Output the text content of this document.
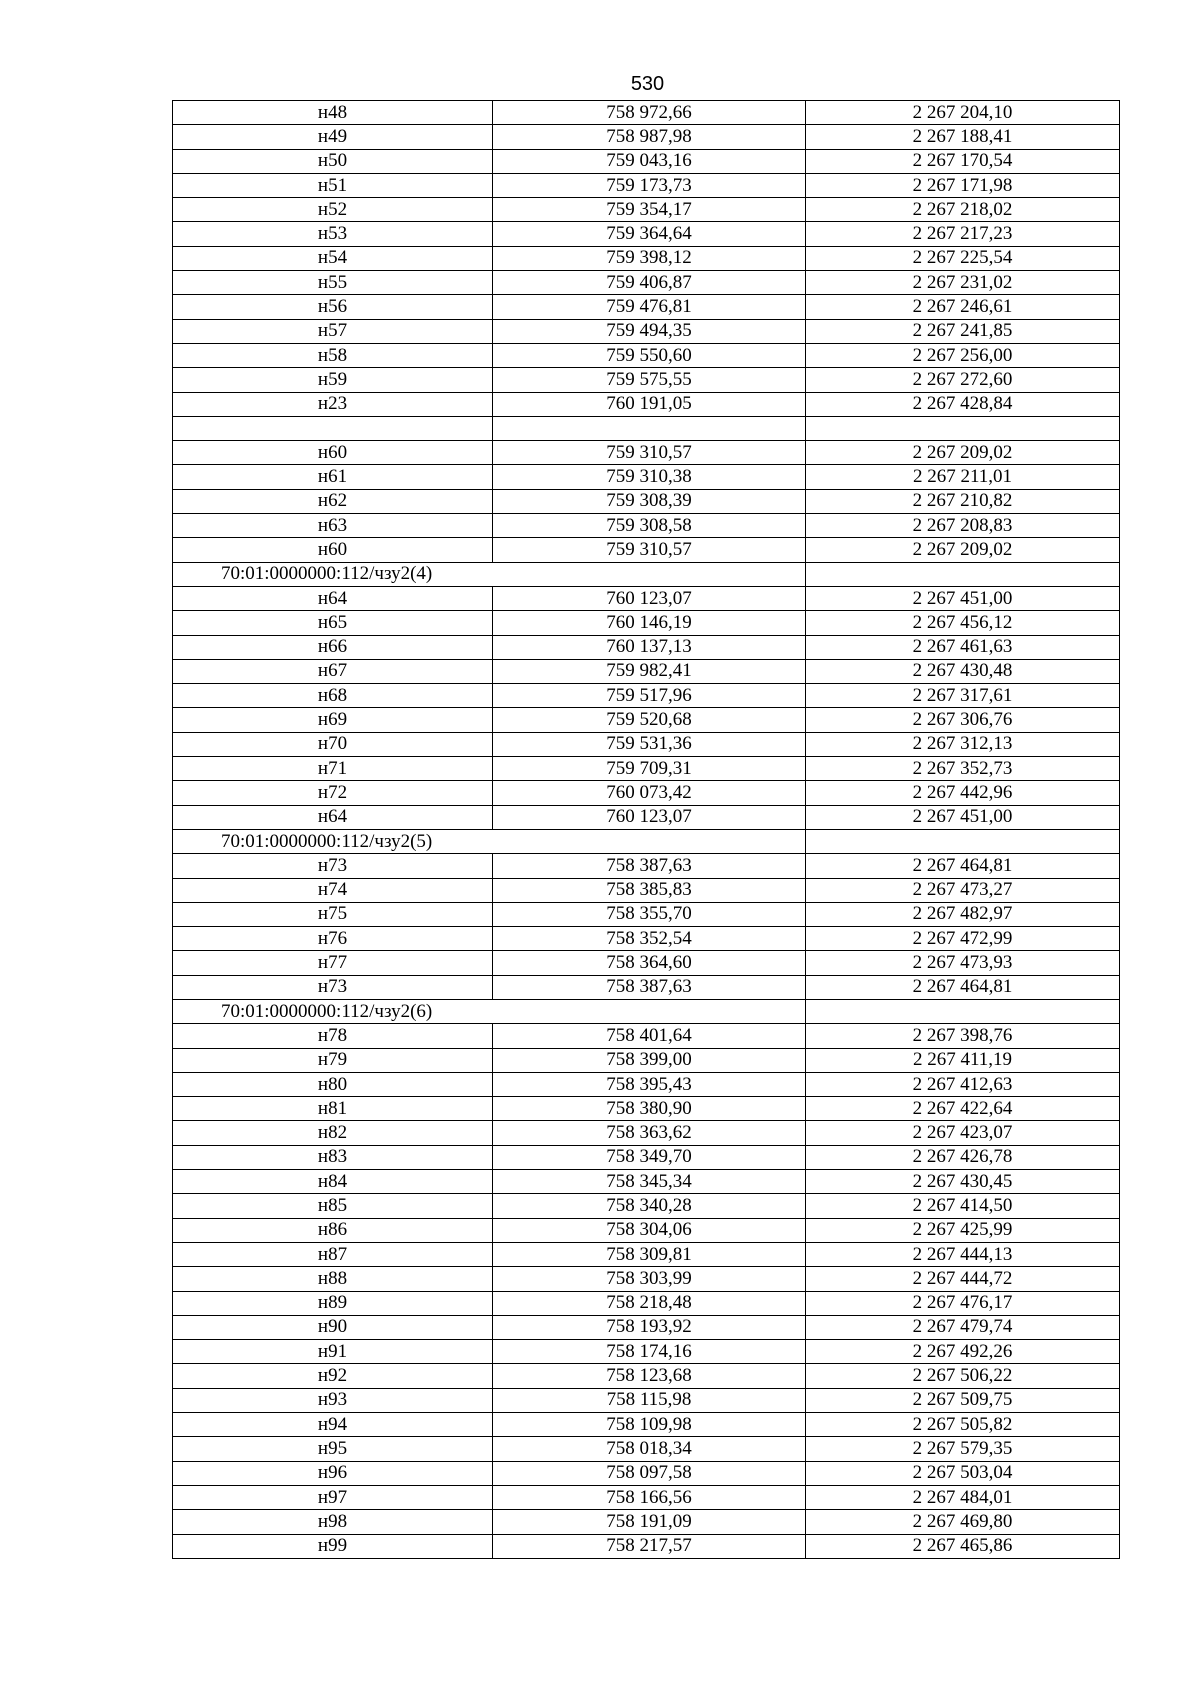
530
н48	758 972,66	2 267 204,10
н49	758 987,98	2 267 188,41
н50	759 043,16	2 267 170,54
н51	759 173,73	2 267 171,98
н52	759 354,17	2 267 218,02
н53	759 364,64	2 267 217,23
н54	759 398,12	2 267 225,54
н55	759 406,87	2 267 231,02
н56	759 476,81	2 267 246,61
н57	759 494,35	2 267 241,85
н58	759 550,60	2 267 256,00
н59	759 575,55	2 267 272,60
н23	760 191,05	2 267 428,84

н60	759 310,57	2 267 209,02
н61	759 310,38	2 267 211,01
н62	759 308,39	2 267 210,82
н63	759 308,58	2 267 208,83
н60	759 310,57	2 267 209,02
70:01:0000000:112/чзу2(4)		
н64	760 123,07	2 267 451,00
н65	760 146,19	2 267 456,12
н66	760 137,13	2 267 461,63
н67	759 982,41	2 267 430,48
н68	759 517,96	2 267 317,61
н69	759 520,68	2 267 306,76
н70	759 531,36	2 267 312,13
н71	759 709,31	2 267 352,73
н72	760 073,42	2 267 442,96
н64	760 123,07	2 267 451,00
70:01:0000000:112/чзу2(5)		
н73	758 387,63	2 267 464,81
н74	758 385,83	2 267 473,27
н75	758 355,70	2 267 482,97
н76	758 352,54	2 267 472,99
н77	758 364,60	2 267 473,93
н73	758 387,63	2 267 464,81
70:01:0000000:112/чзу2(6)		
н78	758 401,64	2 267 398,76
н79	758 399,00	2 267 411,19
н80	758 395,43	2 267 412,63
н81	758 380,90	2 267 422,64
н82	758 363,62	2 267 423,07
н83	758 349,70	2 267 426,78
н84	758 345,34	2 267 430,45
н85	758 340,28	2 267 414,50
н86	758 304,06	2 267 425,99
н87	758 309,81	2 267 444,13
н88	758 303,99	2 267 444,72
н89	758 218,48	2 267 476,17
н90	758 193,92	2 267 479,74
н91	758 174,16	2 267 492,26
н92	758 123,68	2 267 506,22
н93	758 115,98	2 267 509,75
н94	758 109,98	2 267 505,82
н95	758 018,34	2 267 579,35
н96	758 097,58	2 267 503,04
н97	758 166,56	2 267 484,01
н98	758 191,09	2 267 469,80
н99	758 217,57	2 267 465,86
